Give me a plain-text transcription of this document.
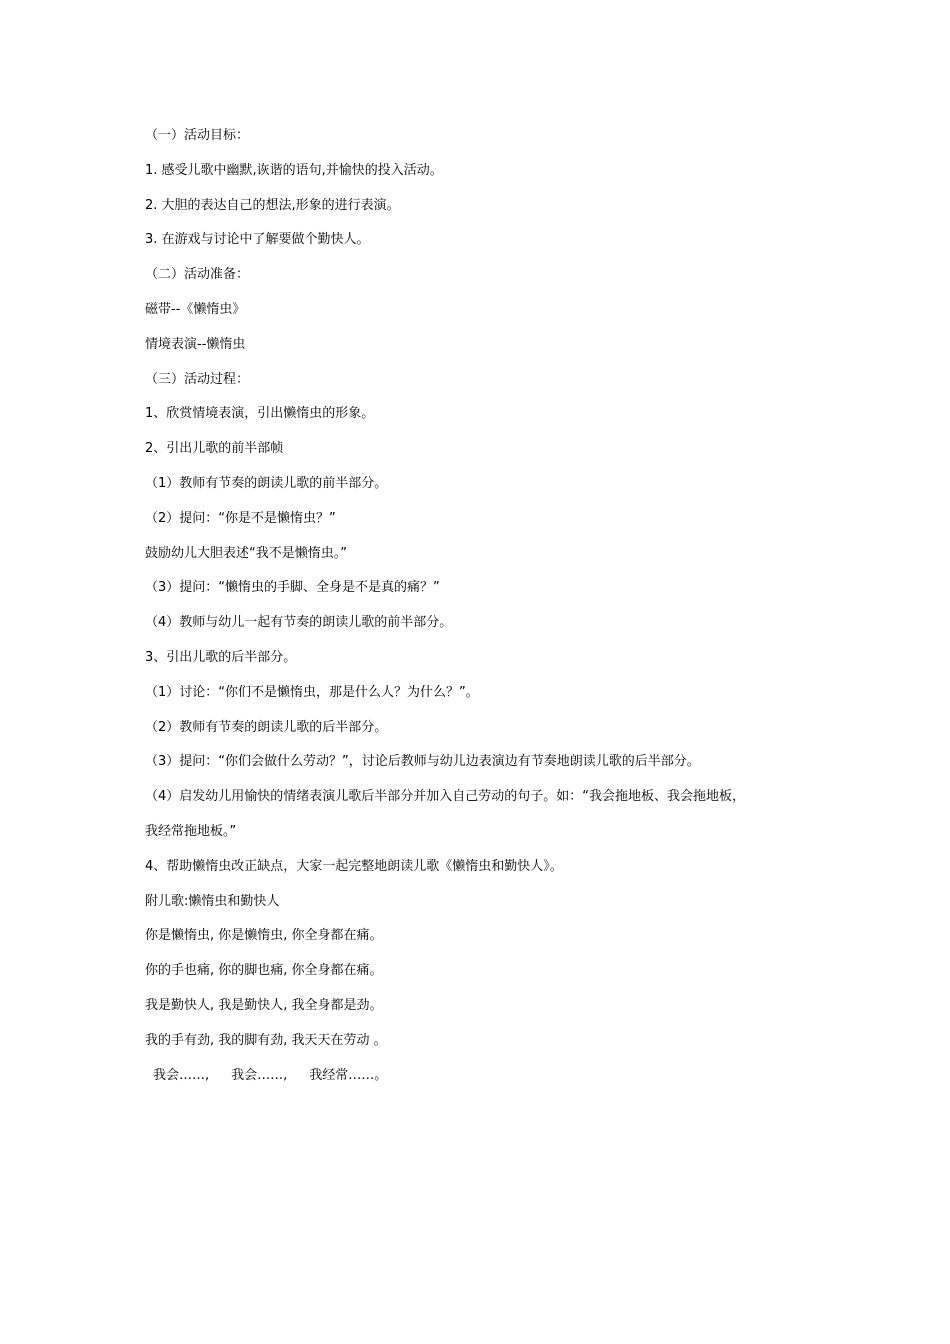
（一）活动目标：
1. 感受儿歌中幽默,诙谐的语句,并愉快的投入活动。
2. 大胆的表达自己的想法,形象的进行表演。
3. 在游戏与讨论中了解要做个勤快人。
（二）活动准备：
磁带--《懒惰虫》
情境表演--懒惰虫
（三）活动过程：
1、欣赏情境表演，引出懒惰虫的形象。
2、引出儿歌的前半部帧
（1）教师有节奏的朗读儿歌的前半部分。
（2）提问：“你是不是懒惰虫？”
鼓励幼儿大胆表述“我不是懒惰虫。”
（3）提问：“懒惰虫的手脚、全身是不是真的痛？”
（4）教师与幼儿一起有节奏的朗读儿歌的前半部分。
3、引出儿歌的后半部分。
（1）讨论：“你们不是懒惰虫，那是什么人？为什么？”。
（2）教师有节奏的朗读儿歌的后半部分。
（3）提问：“你们会做什么劳动？”，讨论后教师与幼儿边表演边有节奏地朗读儿歌的后半部分。
（4）启发幼儿用愉快的情绪表演儿歌后半部分并加入自己劳动的句子。如：“我会拖地板、我会拖地板，
我经常拖地板。”
4、帮助懒惰虫改正缺点，大家一起完整地朗读儿歌《懒惰虫和勤快人》。
附儿歌:懒惰虫和勤快人
你是懒惰虫, 你是懒惰虫, 你全身都在痛。
你的手也痛, 你的脚也痛, 你全身都在痛。
我是勤快人, 我是勤快人, 我全身都是劲。
我的手有劲, 我的脚有劲, 我天天在劳动 。
我会……, 我会……, 我经常……。
